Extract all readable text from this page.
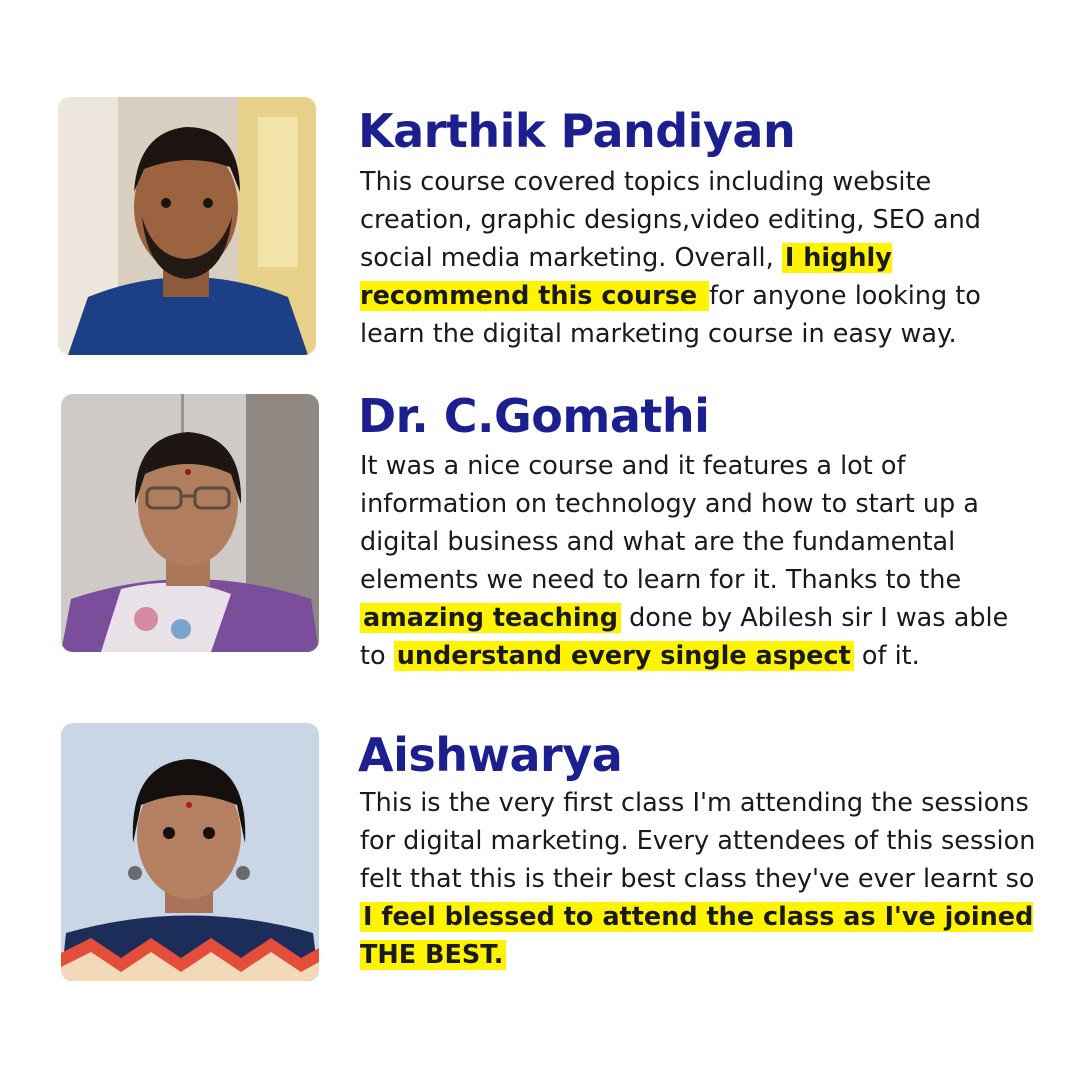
Karthik Pandiyan
This course covered topics including website creation, graphic designs,video editing, SEO and social media marketing. Overall, I highly recommend this course for anyone looking to learn the digital marketing course in easy way.
Dr. C.Gomathi
It was a nice course and it features a lot of information on technology and how to start up a digital business and what are the fundamental elements we need to learn for it. Thanks to the amazing teaching done by Abilesh sir I was able to understand every single aspect of it.
Aishwarya
This is the very first class I'm attending the sessions for digital marketing. Every attendees of this session felt that this is their best class they've ever learnt so I feel blessed to attend the class as I've joined THE BEST.
